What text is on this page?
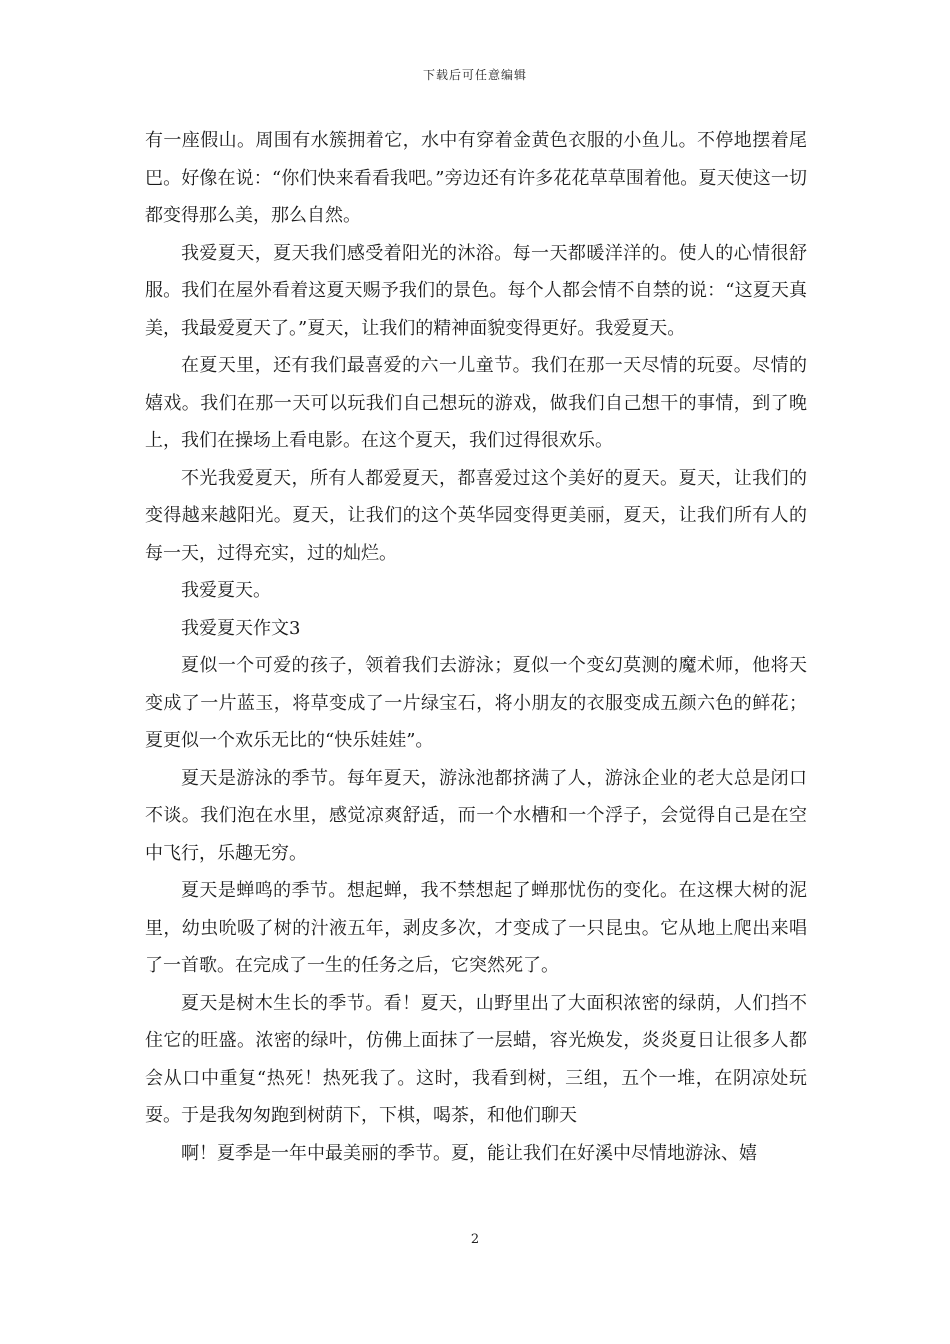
下载后可任意编辑

有一座假山。周围有水簇拥着它，水中有穿着金黄色衣服的小鱼儿。不停地摆着尾巴。好像在说：“你们快来看看我吧。”旁边还有许多花花草草围着他。夏天使这一切都变得那么美，那么自然。

我爱夏天，夏天我们感受着阳光的沐浴。每一天都暖洋洋的。使人的心情很舒服。我们在屋外看着这夏天赐予我们的景色。每个人都会情不自禁的说：“这夏天真美，我最爱夏天了。”夏天，让我们的精神面貌变得更好。我爱夏天。

在夏天里，还有我们最喜爱的六一儿童节。我们在那一天尽情的玩耍。尽情的嬉戏。我们在那一天可以玩我们自己想玩的游戏，做我们自己想干的事情，到了晚上，我们在操场上看电影。在这个夏天，我们过得很欢乐。

不光我爱夏天，所有人都爱夏天，都喜爱过这个美好的夏天。夏天，让我们的变得越来越阳光。夏天，让我们的这个英华园变得更美丽，夏天，让我们所有人的每一天，过得充实，过的灿烂。

我爱夏天。

我爱夏天作文3

夏似一个可爱的孩子，领着我们去游泳；夏似一个变幻莫测的魔术师，他将天变成了一片蓝玉，将草变成了一片绿宝石，将小朋友的衣服变成五颜六色的鲜花；夏更似一个欢乐无比的“快乐娃娃”。

夏天是游泳的季节。每年夏天，游泳池都挤满了人，游泳企业的老大总是闭口不谈。我们泡在水里，感觉凉爽舒适，而一个水槽和一个浮子，会觉得自己是在空中飞行，乐趣无穷。

夏天是蝉鸣的季节。想起蝉，我不禁想起了蝉那忧伤的变化。在这棵大树的泥里，幼虫吮吸了树的汁液五年，剥皮多次，才变成了一只昆虫。它从地上爬出来唱了一首歌。在完成了一生的任务之后，它突然死了。

夏天是树木生长的季节。看！夏天，山野里出了大面积浓密的绿荫，人们挡不住它的旺盛。浓密的绿叶，仿佛上面抹了一层蜡，容光焕发，炎炎夏日让很多人都会从口中重复“热死！热死我了。这时，我看到树，三组，五个一堆，在阴凉处玩耍。于是我匆匆跑到树荫下，下棋，喝茶，和他们聊天

啊！夏季是一年中最美丽的季节。夏，能让我们在好溪中尽情地游泳、嬉

2
